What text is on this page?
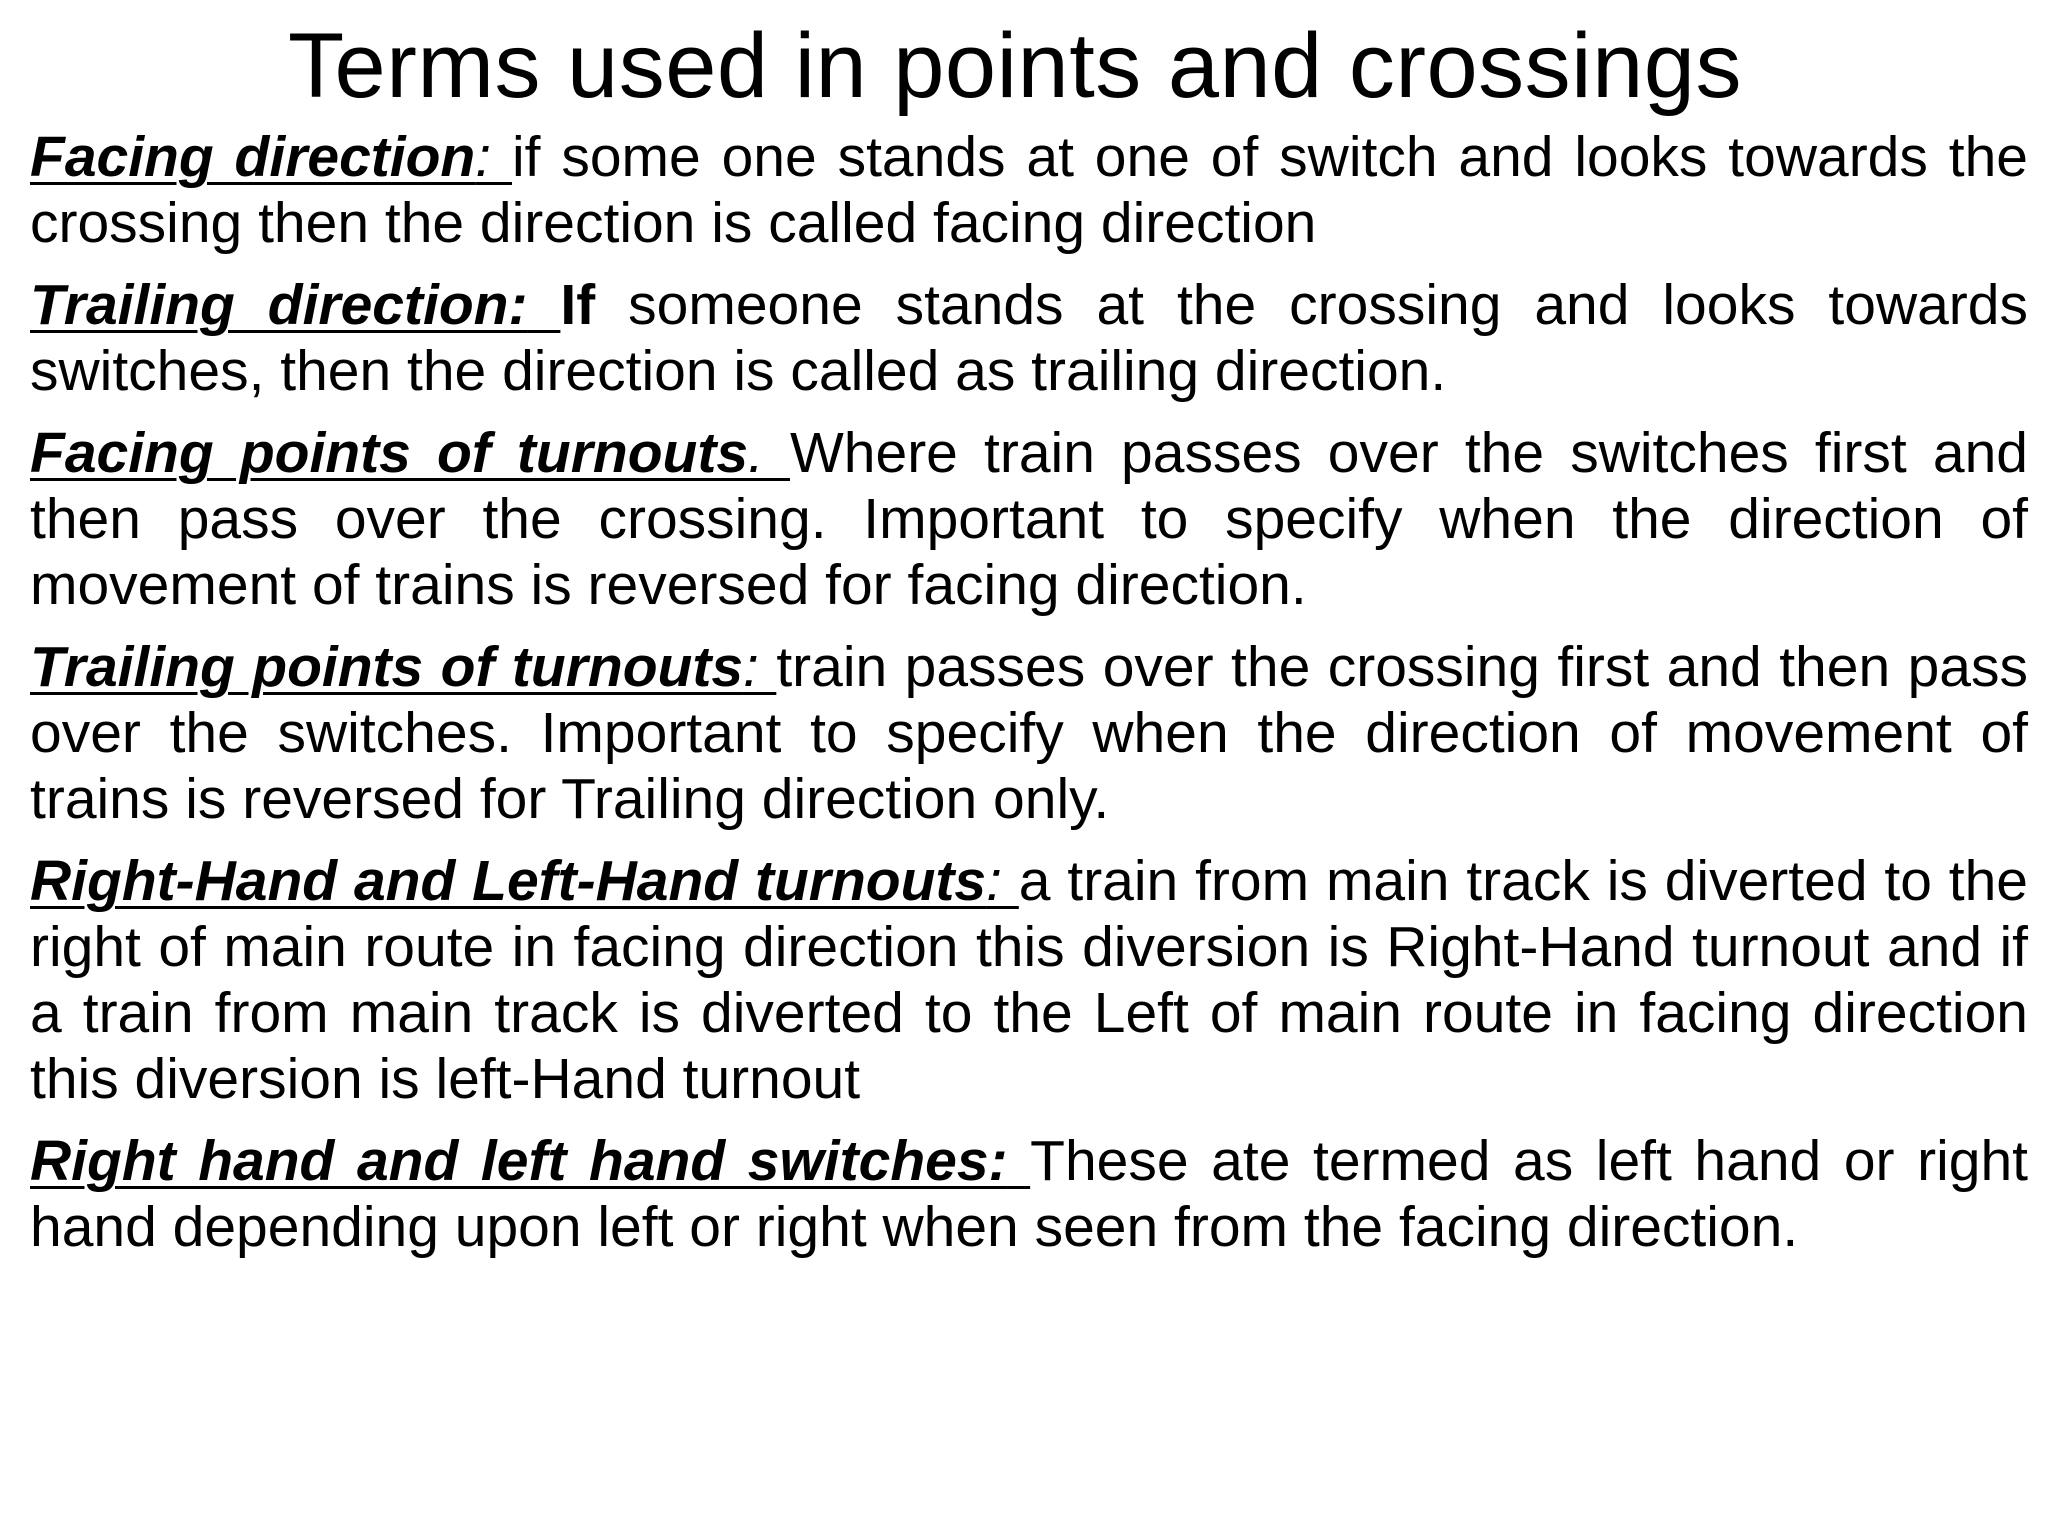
Terms used in points and crossings

Facing direction: if some one stands at one of switch and looks towards the crossing then the direction is called facing direction

Trailing direction: If someone stands at the crossing and looks towards switches, then the direction is called as trailing direction.

Facing points of turnouts. Where train passes over the switches first and then pass over the crossing. Important to specify when the direction of movement of trains is reversed for facing direction.

Trailing points of turnouts: train passes over the crossing first and then pass over the switches. Important to specify when the direction of movement of trains is reversed for Trailing direction only.

Right-Hand and Left-Hand turnouts: a train from main track is diverted to the right of main route in facing direction this diversion is Right-Hand turnout and if a train from main track is diverted to the Left of main route in facing direction this diversion is left-Hand turnout

Right hand and left hand switches: These ate termed as left hand or right hand depending upon left or right when seen from the facing direction.
